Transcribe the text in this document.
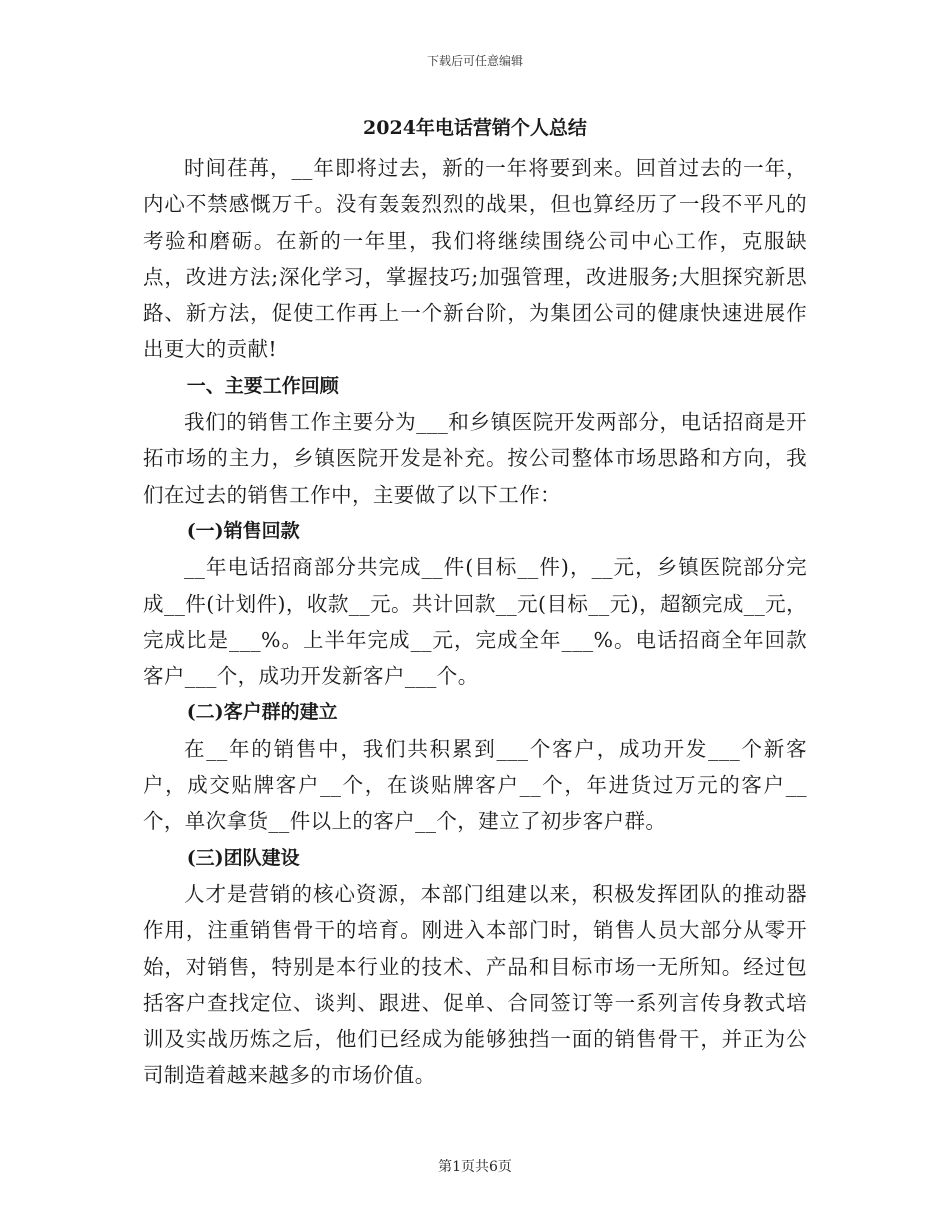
下载后可任意编辑
2024年电话营销个人总结

时间荏苒，__年即将过去，新的一年将要到来。回首过去的一年，内心不禁感慨万千。没有轰轰烈烈的战果，但也算经历了一段不平凡的考验和磨砺。在新的一年里，我们将继续围绕公司中心工作，克服缺点，改进方法;深化学习，掌握技巧;加强管理，改进服务;大胆探究新思路、新方法，促使工作再上一个新台阶，为集团公司的健康快速进展作出更大的贡献!

一、主要工作回顾

我们的销售工作主要分为___和乡镇医院开发两部分，电话招商是开拓市场的主力，乡镇医院开发是补充。按公司整体市场思路和方向，我们在过去的销售工作中，主要做了以下工作：

(一)销售回款

__年电话招商部分共完成__件(目标__件)，__元，乡镇医院部分完成__件(计划件)，收款__元。共计回款__元(目标__元)，超额完成__元，完成比是___%。上半年完成__元，完成全年___%。电话招商全年回款客户___个，成功开发新客户___个。

(二)客户群的建立

在__年的销售中，我们共积累到___个客户，成功开发___个新客户，成交贴牌客户__个，在谈贴牌客户__个，年进货过万元的客户__个，单次拿货__件以上的客户__个，建立了初步客户群。

(三)团队建设

人才是营销的核心资源，本部门组建以来，积极发挥团队的推动器作用，注重销售骨干的培育。刚进入本部门时，销售人员大部分从零开始，对销售，特别是本行业的技术、产品和目标市场一无所知。经过包括客户查找定位、谈判、跟进、促单、合同签订等一系列言传身教式培训及实战历炼之后，他们已经成为能够独挡一面的销售骨干，并正为公司制造着越来越多的市场价值。

第1页共6页
